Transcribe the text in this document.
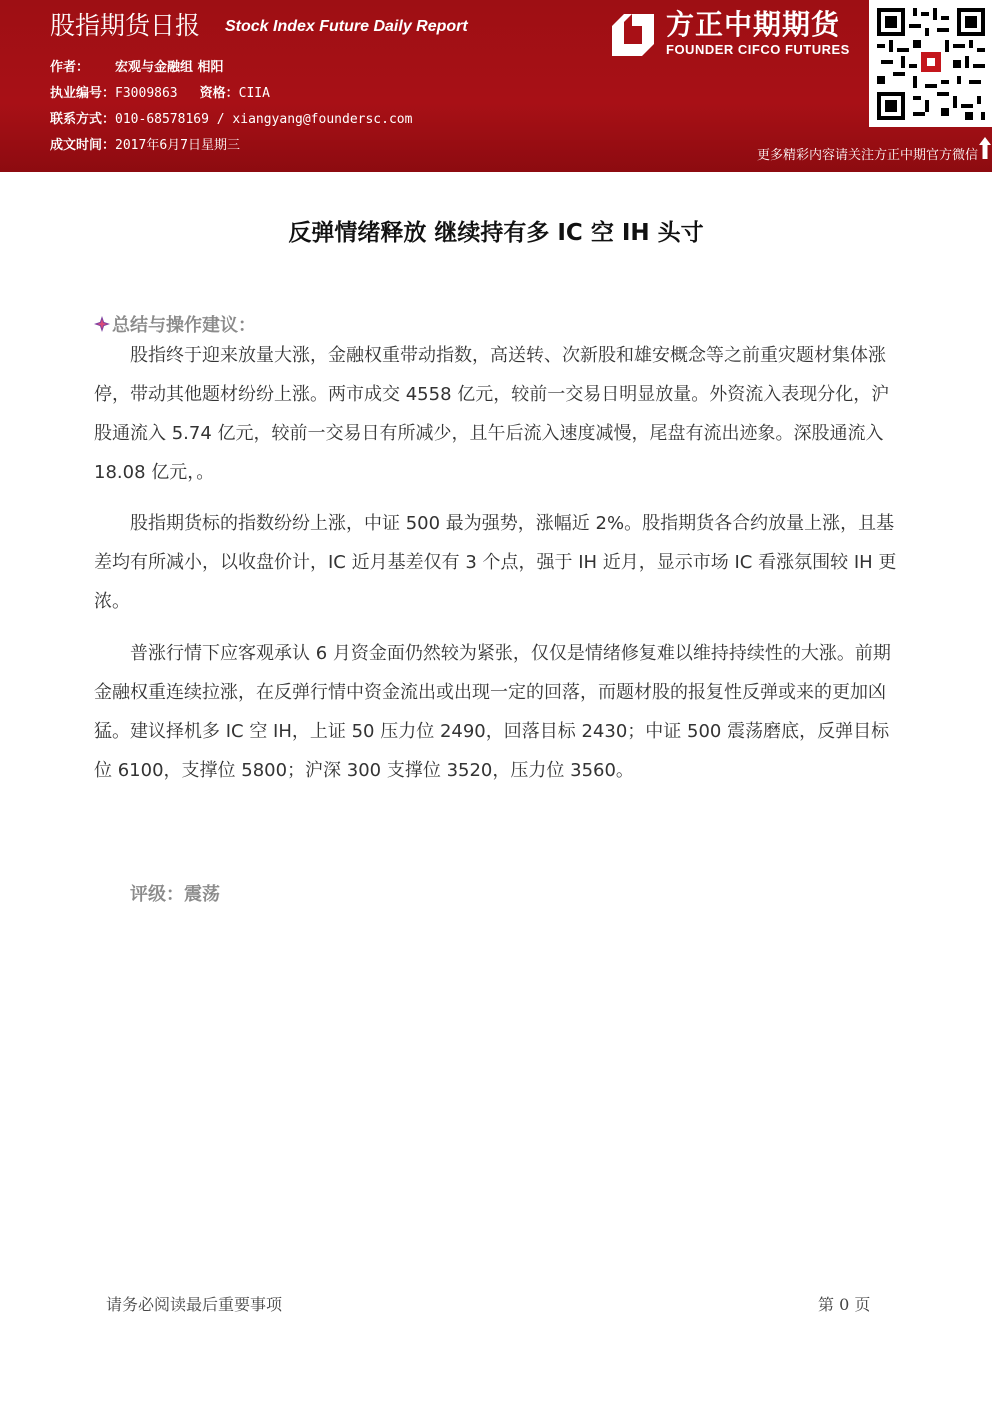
股指期货日报 Stock Index Future Daily Report
作者： 宏观与金融组 相阳
执业编号：F3009863 资格：CIIA
联系方式：010-68578169 / xiangyang@foundersc.com
成文时间：2017年6月7日星期三
方正中期期货
FOUNDER CIFCO FUTURES
更多精彩内容请关注方正中期官方微信
反弹情绪释放 继续持有多 IC 空 IH 头寸
总结与操作建议：

股指终于迎来放量大涨，金融权重带动指数，高送转、次新股和雄安概念等之前重灾题材集体涨停，带动其他题材纷纷上涨。两市成交 4558 亿元，较前一交易日明显放量。外资流入表现分化，沪股通流入 5.74 亿元，较前一交易日有所减少，且午后流入速度减慢，尾盘有流出迹象。深股通流入 18.08 亿元，。

股指期货标的指数纷纷上涨，中证 500 最为强势，涨幅近 2%。股指期货各合约放量上涨，且基差均有所减小，以收盘价计，IC 近月基差仅有 3 个点，强于 IH 近月，显示市场 IC 看涨氛围较 IH 更浓。

普涨行情下应客观承认 6 月资金面仍然较为紧张，仅仅是情绪修复难以维持持续性的大涨。前期金融权重连续拉涨，在反弹行情中资金流出或出现一定的回落，而题材股的报复性反弹或来的更加凶猛。建议择机多 IC 空 IH，上证 50 压力位 2490，回落目标 2430；中证 500 震荡磨底，反弹目标位 6100，支撑位 5800；沪深 300 支撑位 3520，压力位 3560。

评级：震荡
请务必阅读最后重要事项	第 0 页
